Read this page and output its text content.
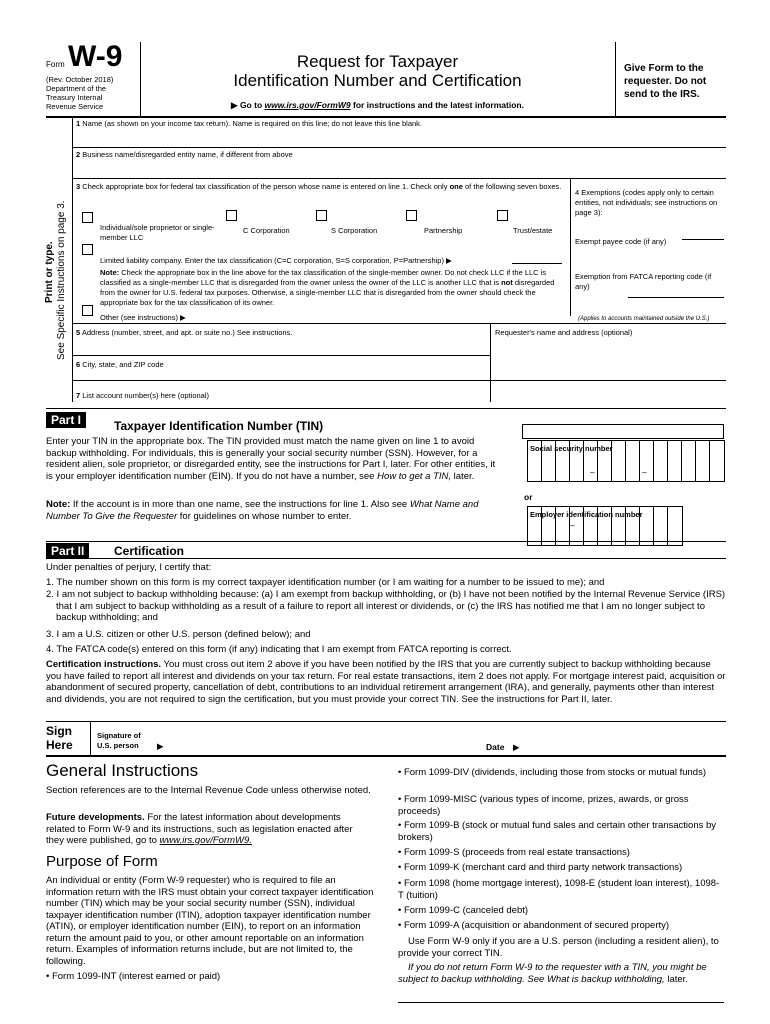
Form W-9
(Rev. October 2018)
Department of the
Treasury Internal
Revenue Service
Request for Taxpayer
Identification Number and Certification
▶ Go to www.irs.gov/FormW9 for instructions and the latest information.
Give Form to the requester. Do not send to the IRS.
Print or type. See Specific Instructions on page 3.
1 Name (as shown on your income tax return). Name is required on this line; do not leave this line blank.
2 Business name/disregarded entity name, if different from above
3 Check appropriate box for federal tax classification of the person whose name is entered on line 1. Check only one of the following seven boxes.
Individual/sole proprietor or single-member LLC
C Corporation	S Corporation	Partnership	Trust/estate
Limited liability company. Enter the tax classification (C=C corporation, S=S corporation, P=Partnership) ▶
Note: Check the appropriate box in the line above for the tax classification of the single-member owner. Do not check LLC if the LLC is classified as a single-member LLC that is disregarded from the owner unless the owner of the LLC is another LLC that is not disregarded from the owner for U.S. federal tax purposes. Otherwise, a single-member LLC that is disregarded from the owner should check the appropriate box for the tax classification of its owner.
Other (see instructions) ▶
4 Exemptions (codes apply only to certain entities, not individuals; see instructions on page 3):
Exempt payee code (if any)
Exemption from FATCA reporting code (if any)
(Applies to accounts maintained outside the U.S.)
5 Address (number, street, and apt. or suite no.) See instructions.	Requester's name and address (optional)
6 City, state, and ZIP code
7 List account number(s) here (optional)
Part I	Taxpayer Identification Number (TIN)
Enter your TIN in the appropriate box. The TIN provided must match the name given on line 1 to avoid backup withholding. For individuals, this is generally your social security number (SSN). However, for a resident alien, sole proprietor, or disregarded entity, see the instructions for Part I, later. For other entities, it is your employer identification number (EIN). If you do not have a number, see How to get a TIN, later.
Note: If the account is in more than one name, see the instructions for line 1. Also see What Name and Number To Give the Requester for guidelines on whose number to enter.
Social security number
–	–
or
Employer identification number
–
Part II	Certification
Under penalties of perjury, I certify that:
1. The number shown on this form is my correct taxpayer identification number (or I am waiting for a number to be issued to me); and
2. I am not subject to backup withholding because: (a) I am exempt from backup withholding, or (b) I have not been notified by the Internal Revenue Service (IRS) that I am subject to backup withholding as a result of a failure to report all interest or dividends, or (c) the IRS has notified me that I am no longer subject to backup withholding; and
3. I am a U.S. citizen or other U.S. person (defined below); and
4. The FATCA code(s) entered on this form (if any) indicating that I am exempt from FATCA reporting is correct.
Certification instructions. You must cross out item 2 above if you have been notified by the IRS that you are currently subject to backup withholding because you have failed to report all interest and dividends on your tax return. For real estate transactions, item 2 does not apply. For mortgage interest paid, acquisition or abandonment of secured property, cancellation of debt, contributions to an individual retirement arrangement (IRA), and generally, payments other than interest and dividends, you are not required to sign the certification, but you must provide your correct TIN. See the instructions for Part II, later.
Sign
Here
Signature of
U.S. person ▶	Date ▶
General Instructions
Section references are to the Internal Revenue Code unless otherwise noted.
Future developments. For the latest information about developments related to Form W-9 and its instructions, such as legislation enacted after they were published, go to www.irs.gov/FormW9.
Purpose of Form
An individual or entity (Form W-9 requester) who is required to file an information return with the IRS must obtain your correct taxpayer identification number (TIN) which may be your social security number (SSN), individual taxpayer identification number (ITIN), adoption taxpayer identification number (ATIN), or employer identification number (EIN), to report on an information return the amount paid to you, or other amount reportable on an information return. Examples of information returns include, but are not limited to, the following.
• Form 1099-INT (interest earned or paid)
• Form 1099-DIV (dividends, including those from stocks or mutual funds)
• Form 1099-MISC (various types of income, prizes, awards, or gross proceeds)
• Form 1099-B (stock or mutual fund sales and certain other transactions by brokers)
• Form 1099-S (proceeds from real estate transactions)
• Form 1099-K (merchant card and third party network transactions)
• Form 1098 (home mortgage interest), 1098-E (student loan interest), 1098-T (tuition)
• Form 1099-C (canceled debt)
• Form 1099-A (acquisition or abandonment of secured property)
Use Form W-9 only if you are a U.S. person (including a resident alien), to provide your correct TIN.
If you do not return Form W-9 to the requester with a TIN, you might be subject to backup withholding. See What is backup withholding, later.
